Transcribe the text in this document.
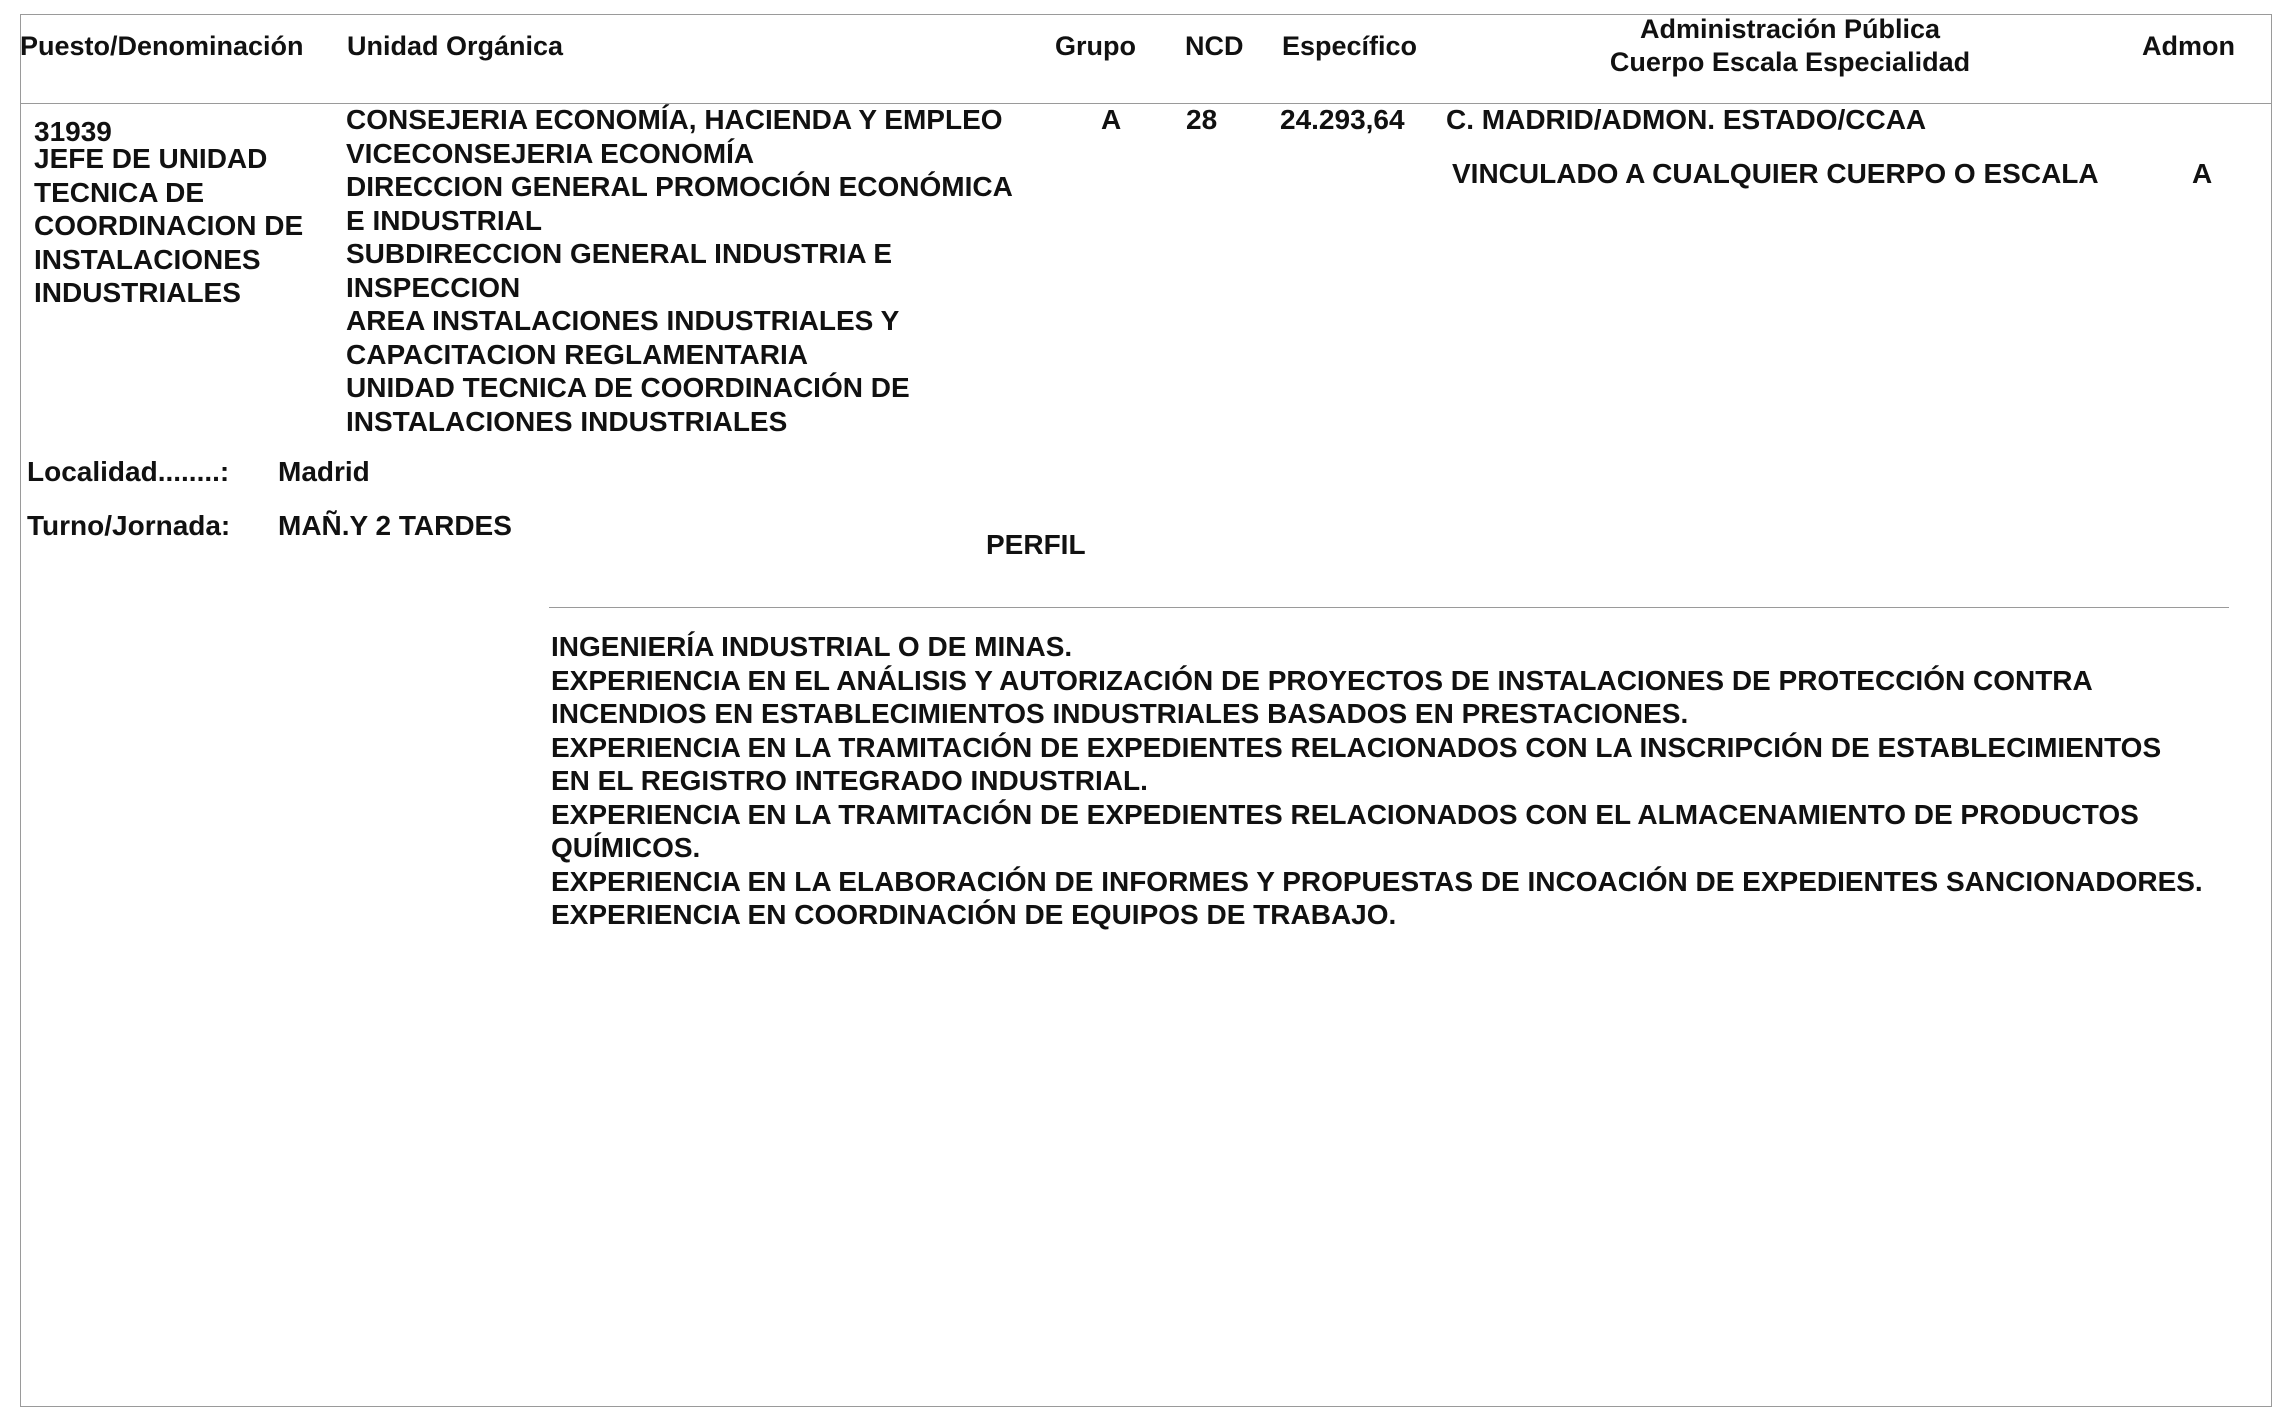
Puesto/Denominación Unidad Orgánica	Grupo NCD Específico
Administración Pública
Cuerpo Escala Especialidad
Admon
31939
JEFE DE UNIDAD
TECNICA DE
COORDINACION DE
INSTALACIONES
INDUSTRIALES
CONSEJERIA ECONOMÍA, HACIENDA Y EMPLEO
VICECONSEJERIA ECONOMÍA
DIRECCION GENERAL PROMOCIÓN ECONÓMICA
E INDUSTRIAL
SUBDIRECCION GENERAL INDUSTRIA E
INSPECCION
AREA INSTALACIONES INDUSTRIALES Y
CAPACITACION REGLAMENTARIA
UNIDAD TECNICA DE COORDINACIÓN DE
INSTALACIONES INDUSTRIALES
A 28 24.293,64 C. MADRID/ADMON. ESTADO/CCAA
VINCULADO A CUALQUIER CUERPO O ESCALA	A
Localidad........: Madrid
Turno/Jornada: MAÑ.Y 2 TARDES
PERFIL
INGENIERÍA INDUSTRIAL O DE MINAS.
EXPERIENCIA EN EL ANÁLISIS Y AUTORIZACIÓN DE PROYECTOS DE INSTALACIONES DE PROTECCIÓN CONTRA
INCENDIOS EN ESTABLECIMIENTOS INDUSTRIALES BASADOS EN PRESTACIONES.
EXPERIENCIA EN LA TRAMITACIÓN DE EXPEDIENTES RELACIONADOS CON LA INSCRIPCIÓN DE ESTABLECIMIENTOS
EN EL REGISTRO INTEGRADO INDUSTRIAL.
EXPERIENCIA EN LA TRAMITACIÓN DE EXPEDIENTES RELACIONADOS CON EL ALMACENAMIENTO DE PRODUCTOS
QUÍMICOS.
EXPERIENCIA EN LA ELABORACIÓN DE INFORMES Y PROPUESTAS DE INCOACIÓN DE EXPEDIENTES SANCIONADORES.
EXPERIENCIA EN COORDINACIÓN DE EQUIPOS DE TRABAJO.
